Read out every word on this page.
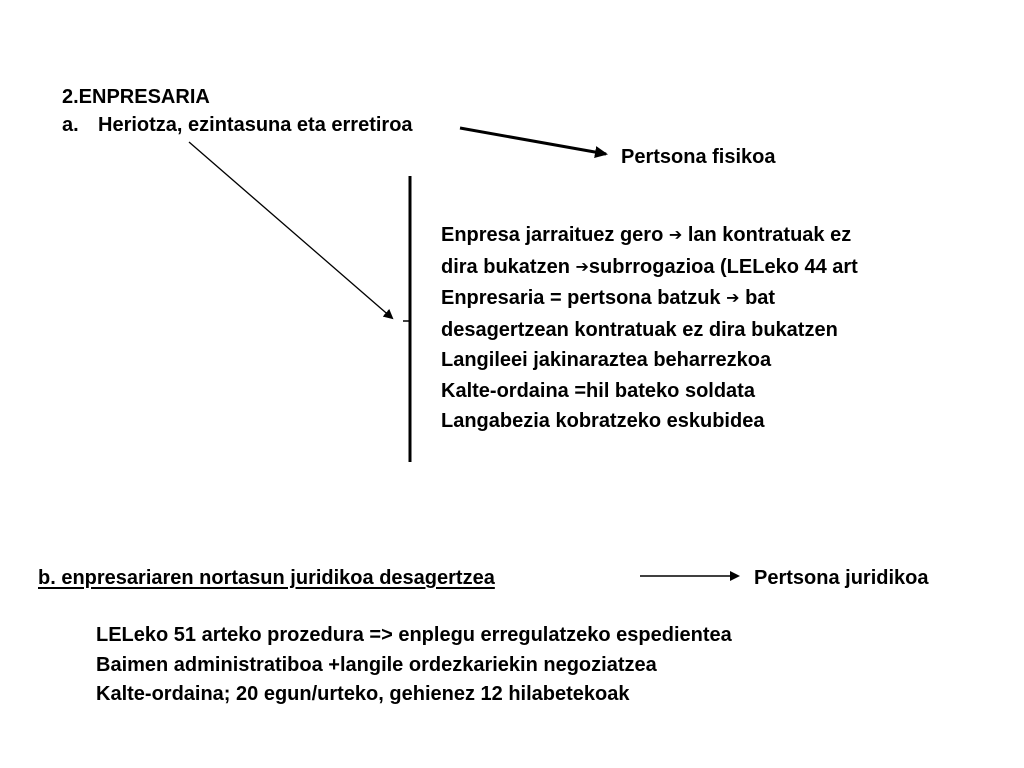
2.ENPRESARIA
a. Heriotza, ezintasuna eta erretiroa
Pertsona fisikoa
Enpresa jarraituez gero ➔ lan kontratuak ez
dira bukatzen ➔subrrogazioa (LELeko 44 art
Enpresaria = pertsona batzuk ➔ bat
desagertzean kontratuak ez dira bukatzen
Langileei jakinaraztea beharrezkoa
Kalte-ordaina =hil bateko soldata
Langabezia kobratzeko eskubidea
b. enpresariaren nortasun juridikoa desagertzea	Pertsona juridikoa
LELeko 51 arteko prozedura => enplegu erregulatzeko espedientea
Baimen administratiboa +langile ordezkariekin negoziatzea
Kalte-ordaina; 20 egun/urteko, gehienez 12 hilabetekoak
